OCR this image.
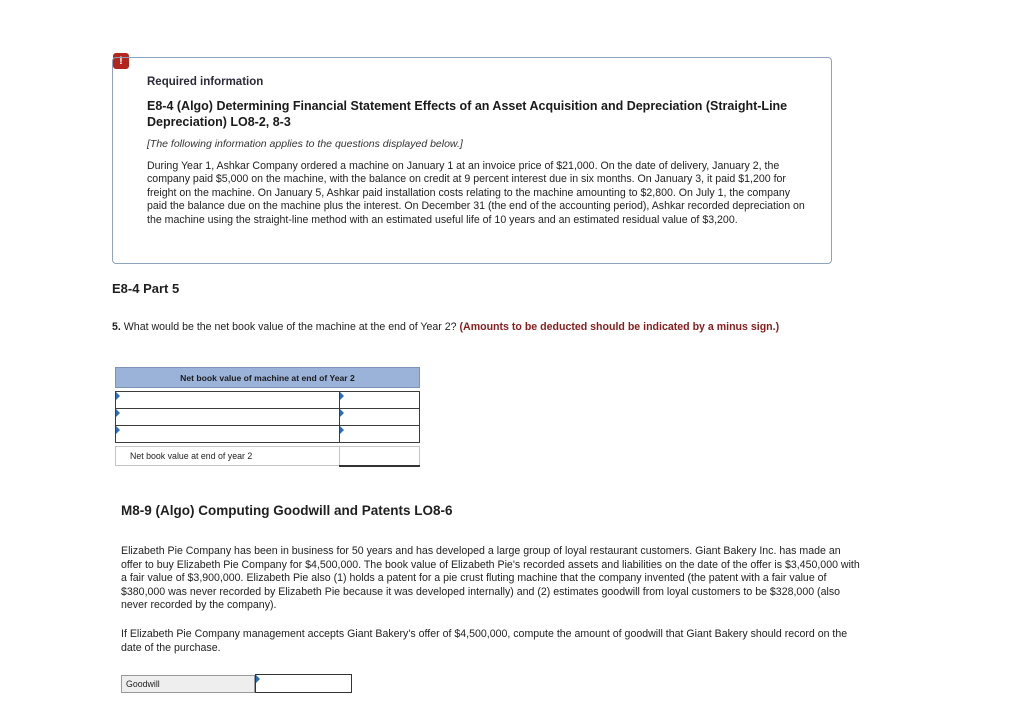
!

Required information

E8-4 (Algo) Determining Financial Statement Effects of an Asset Acquisition and Depreciation (Straight-Line Depreciation) LO8-2, 8-3

[The following information applies to the questions displayed below.]

During Year 1, Ashkar Company ordered a machine on January 1 at an invoice price of $21,000. On the date of delivery, January 2, the company paid $5,000 on the machine, with the balance on credit at 9 percent interest due in six months. On January 3, it paid $1,200 for freight on the machine. On January 5, Ashkar paid installation costs relating to the machine amounting to $2,800. On July 1, the company paid the balance due on the machine plus the interest. On December 31 (the end of the accounting period), Ashkar recorded depreciation on the machine using the straight-line method with an estimated useful life of 10 years and an estimated residual value of $3,200.

E8-4 Part 5

5. What would be the net book value of the machine at the end of Year 2? (Amounts to be deducted should be indicated by a minus sign.)

Net book value of machine at end of Year 2	

Net book value at end of year 2	
M8-9 (Algo) Computing Goodwill and Patents LO8-6

Elizabeth Pie Company has been in business for 50 years and has developed a large group of loyal restaurant customers. Giant Bakery Inc. has made an offer to buy Elizabeth Pie Company for $4,500,000. The book value of Elizabeth Pie's recorded assets and liabilities on the date of the offer is $3,450,000 with a fair value of $3,900,000. Elizabeth Pie also (1) holds a patent for a pie crust fluting machine that the company invented (the patent with a fair value of $380,000 was never recorded by Elizabeth Pie because it was developed internally) and (2) estimates goodwill from loyal customers to be $328,000 (also never recorded by the company).

If Elizabeth Pie Company management accepts Giant Bakery's offer of $4,500,000, compute the amount of goodwill that Giant Bakery should record on the date of the purchase.

Goodwill
